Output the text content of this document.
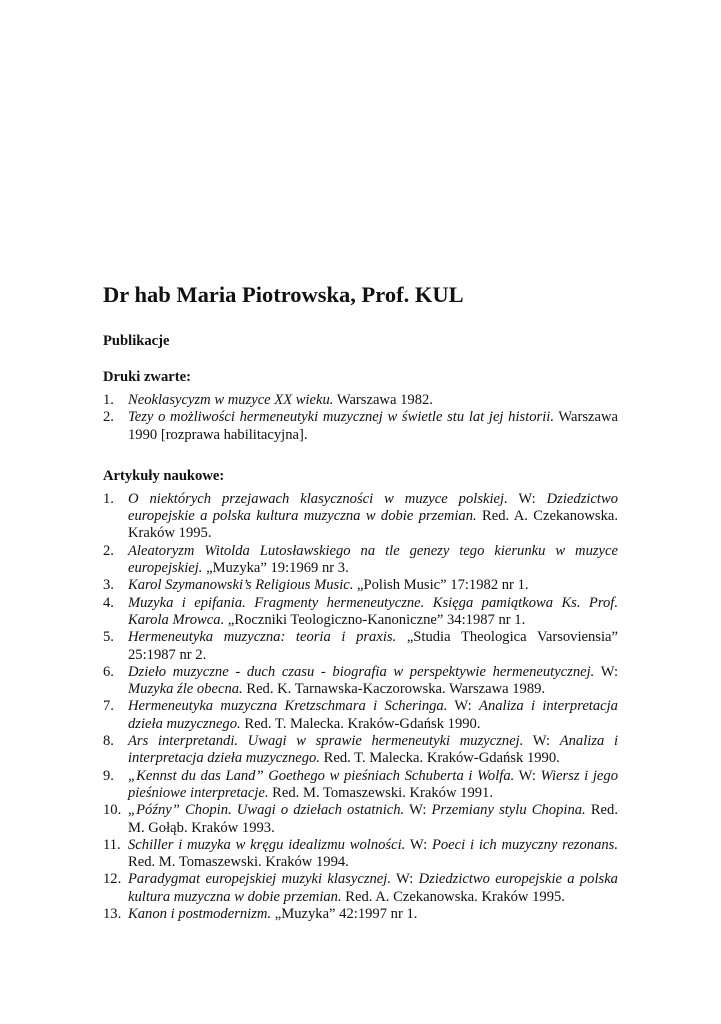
Dr hab Maria Piotrowska, Prof. KUL
Publikacje
Druki zwarte:
1. Neoklasycyzm w muzyce XX wieku. Warszawa 1982.
2. Tezy o możliwości hermeneutyki muzycznej w świetle stu lat jej historii. Warszawa 1990 [rozprawa habilitacyjna].
Artykuły naukowe:
1. O niektórych przejawach klasyczności w muzyce polskiej. W: Dziedzictwo europejskie a polska kultura muzyczna w dobie przemian. Red. A. Czekanowska. Kraków 1995.
2. Aleatoryzm Witolda Lutosławskiego na tle genezy tego kierunku w muzyce europejskiej. „Muzyka” 19:1969 nr 3.
3. Karol Szymanowski’s Religious Music. „Polish Music” 17:1982 nr 1.
4. Muzyka i epifania. Fragmenty hermeneutyczne. Księga pamiątkowa Ks. Prof. Karola Mrowca. „Roczniki Teologiczno-Kanoniczne” 34:1987 nr 1.
5. Hermeneutyka muzyczna: teoria i praxis. „Studia Theologica Varsoviensia” 25:1987 nr 2.
6. Dzieło muzyczne - duch czasu - biografia w perspektywie hermeneutycznej. W: Muzyka źle obecna. Red. K. Tarnawska-Kaczorowska. Warszawa 1989.
7. Hermeneutyka muzyczna Kretzschmara i Scheringa. W: Analiza i interpretacja dzieła muzycznego. Red. T. Malecka. Kraków-Gdańsk 1990.
8. Ars interpretandi. Uwagi w sprawie hermeneutyki muzycznej. W: Analiza i interpretacja dzieła muzycznego. Red. T. Malecka. Kraków-Gdańsk 1990.
9. „Kennst du das Land” Goethego w pieśniach Schuberta i Wolfa. W: Wiersz i jego pieśniowe interpretacje. Red. M. Tomaszewski. Kraków 1991.
10. „Późny” Chopin. Uwagi o dziełach ostatnich. W: Przemiany stylu Chopina. Red. M. Gołąb. Kraków 1993.
11. Schiller i muzyka w kręgu idealizmu wolności. W: Poeci i ich muzyczny rezonans. Red. M. Tomaszewski. Kraków 1994.
12. Paradygmat europejskiej muzyki klasycznej. W: Dziedzictwo europejskie a polska kultura muzyczna w dobie przemian. Red. A. Czekanowska. Kraków 1995.
13. Kanon i postmodernizm. „Muzyka” 42:1997 nr 1.
